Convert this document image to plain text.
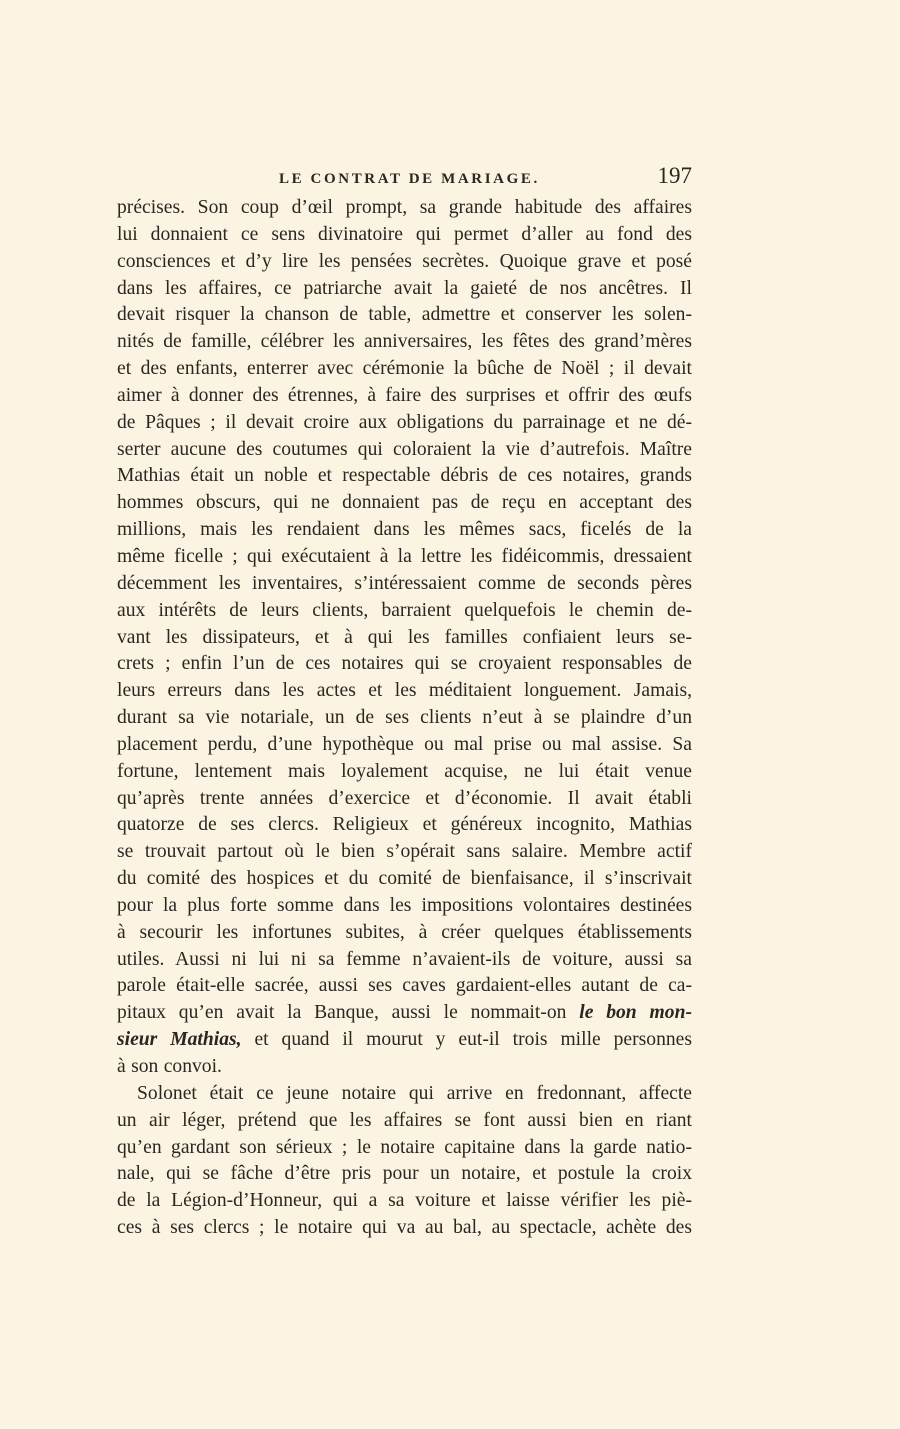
LE CONTRAT DE MARIAGE.	197
précises. Son coup d’œil prompt, sa grande habitude des affaires
lui donnaient ce sens divinatoire qui permet d’aller au fond des
consciences et d’y lire les pensées secrètes. Quoique grave et posé
dans les affaires, ce patriarche avait la gaieté de nos ancêtres. Il
devait risquer la chanson de table, admettre et conserver les solen-
nités de famille, célébrer les anniversaires, les fêtes des grand’mères
et des enfants, enterrer avec cérémonie la bûche de Noël ; il devait
aimer à donner des étrennes, à faire des surprises et offrir des œufs
de Pâques ; il devait croire aux obligations du parrainage et ne dé-
serter aucune des coutumes qui coloraient la vie d’autrefois. Maître
Mathias était un noble et respectable débris de ces notaires, grands
hommes obscurs, qui ne donnaient pas de reçu en acceptant des
millions, mais les rendaient dans les mêmes sacs, ficelés de la
même ficelle ; qui exécutaient à la lettre les fidéicommis, dressaient
décemment les inventaires, s’intéressaient comme de seconds pères
aux intérêts de leurs clients, barraient quelquefois le chemin de-
vant les dissipateurs, et à qui les familles confiaient leurs se-
crets ; enfin l’un de ces notaires qui se croyaient responsables de
leurs erreurs dans les actes et les méditaient longuement. Jamais,
durant sa vie notariale, un de ses clients n’eut à se plaindre d’un
placement perdu, d’une hypothèque ou mal prise ou mal assise. Sa
fortune, lentement mais loyalement acquise, ne lui était venue
qu’après trente années d’exercice et d’économie. Il avait établi
quatorze de ses clercs. Religieux et généreux incognito, Mathias
se trouvait partout où le bien s’opérait sans salaire. Membre actif
du comité des hospices et du comité de bienfaisance, il s’inscrivait
pour la plus forte somme dans les impositions volontaires destinées
à secourir les infortunes subites, à créer quelques établissements
utiles. Aussi ni lui ni sa femme n’avaient-ils de voiture, aussi sa
parole était-elle sacrée, aussi ses caves gardaient-elles autant de ca-
pitaux qu’en avait la Banque, aussi le nommait-on le bon mon-
sieur Mathias, et quand il mourut y eut-il trois mille personnes
à son convoi.
Solonet était ce jeune notaire qui arrive en fredonnant, affecte
un air léger, prétend que les affaires se font aussi bien en riant
qu’en gardant son sérieux ; le notaire capitaine dans la garde natio-
nale, qui se fâche d’être pris pour un notaire, et postule la croix
de la Légion-d’Honneur, qui a sa voiture et laisse vérifier les piè-
ces à ses clercs ; le notaire qui va au bal, au spectacle, achète des
